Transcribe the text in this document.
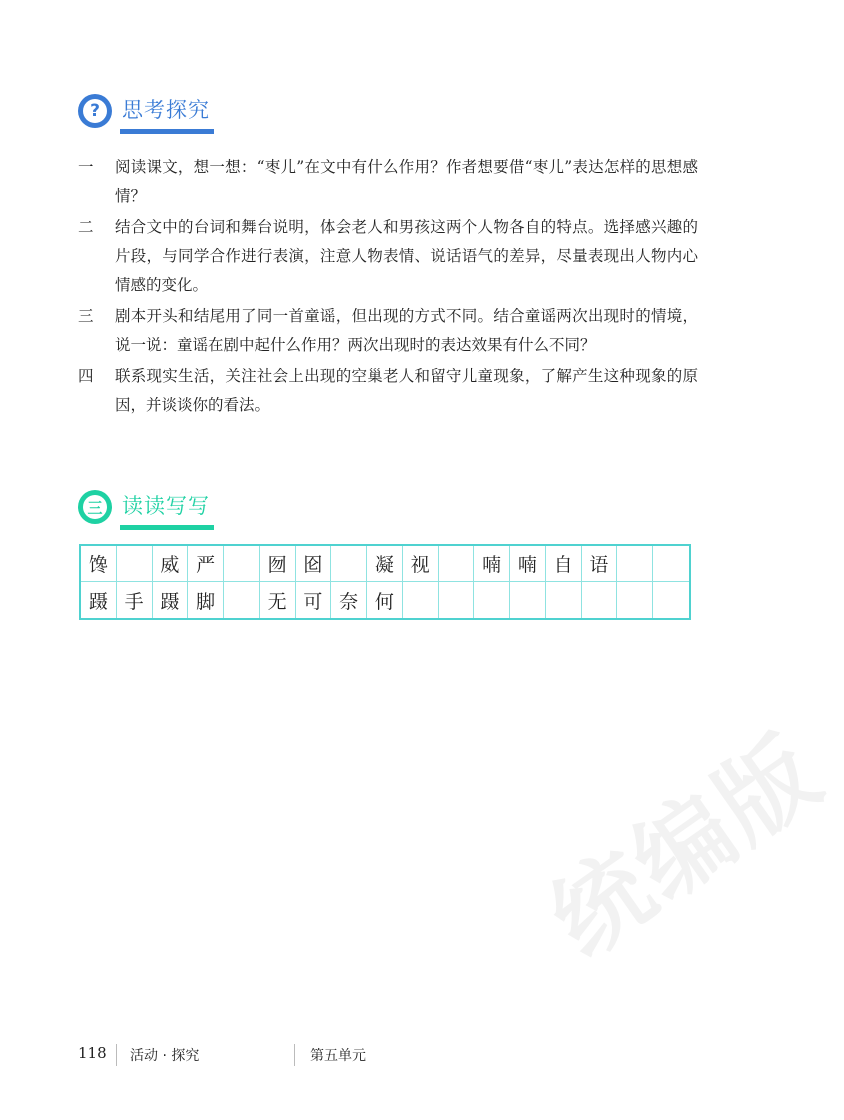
?	思考探究
一	阅读课文，想一想：“枣儿”在文中有什么作用？作者想要借“枣儿”表达怎样的思想感情？
二	结合文中的台词和舞台说明，体会老人和男孩这两个人物各自的特点。选择感兴趣的片段，与同学合作进行表演，注意人物表情、说话语气的差异，尽量表现出人物内心情感的变化。
三	剧本开头和结尾用了同一首童谣，但出现的方式不同。结合童谣两次出现时的情境，说一说：童谣在剧中起什么作用？两次出现时的表达效果有什么不同？
四	联系现实生活，关注社会上出现的空巢老人和留守儿童现象，了解产生这种现象的原因，并谈谈你的看法。
三 读读写写
馋	威 严	囫 囵	凝 视	喃 喃 自 语
蹑 手 蹑 脚	无 可 奈 何
118 活动 · 探究	第五单元
统编版
